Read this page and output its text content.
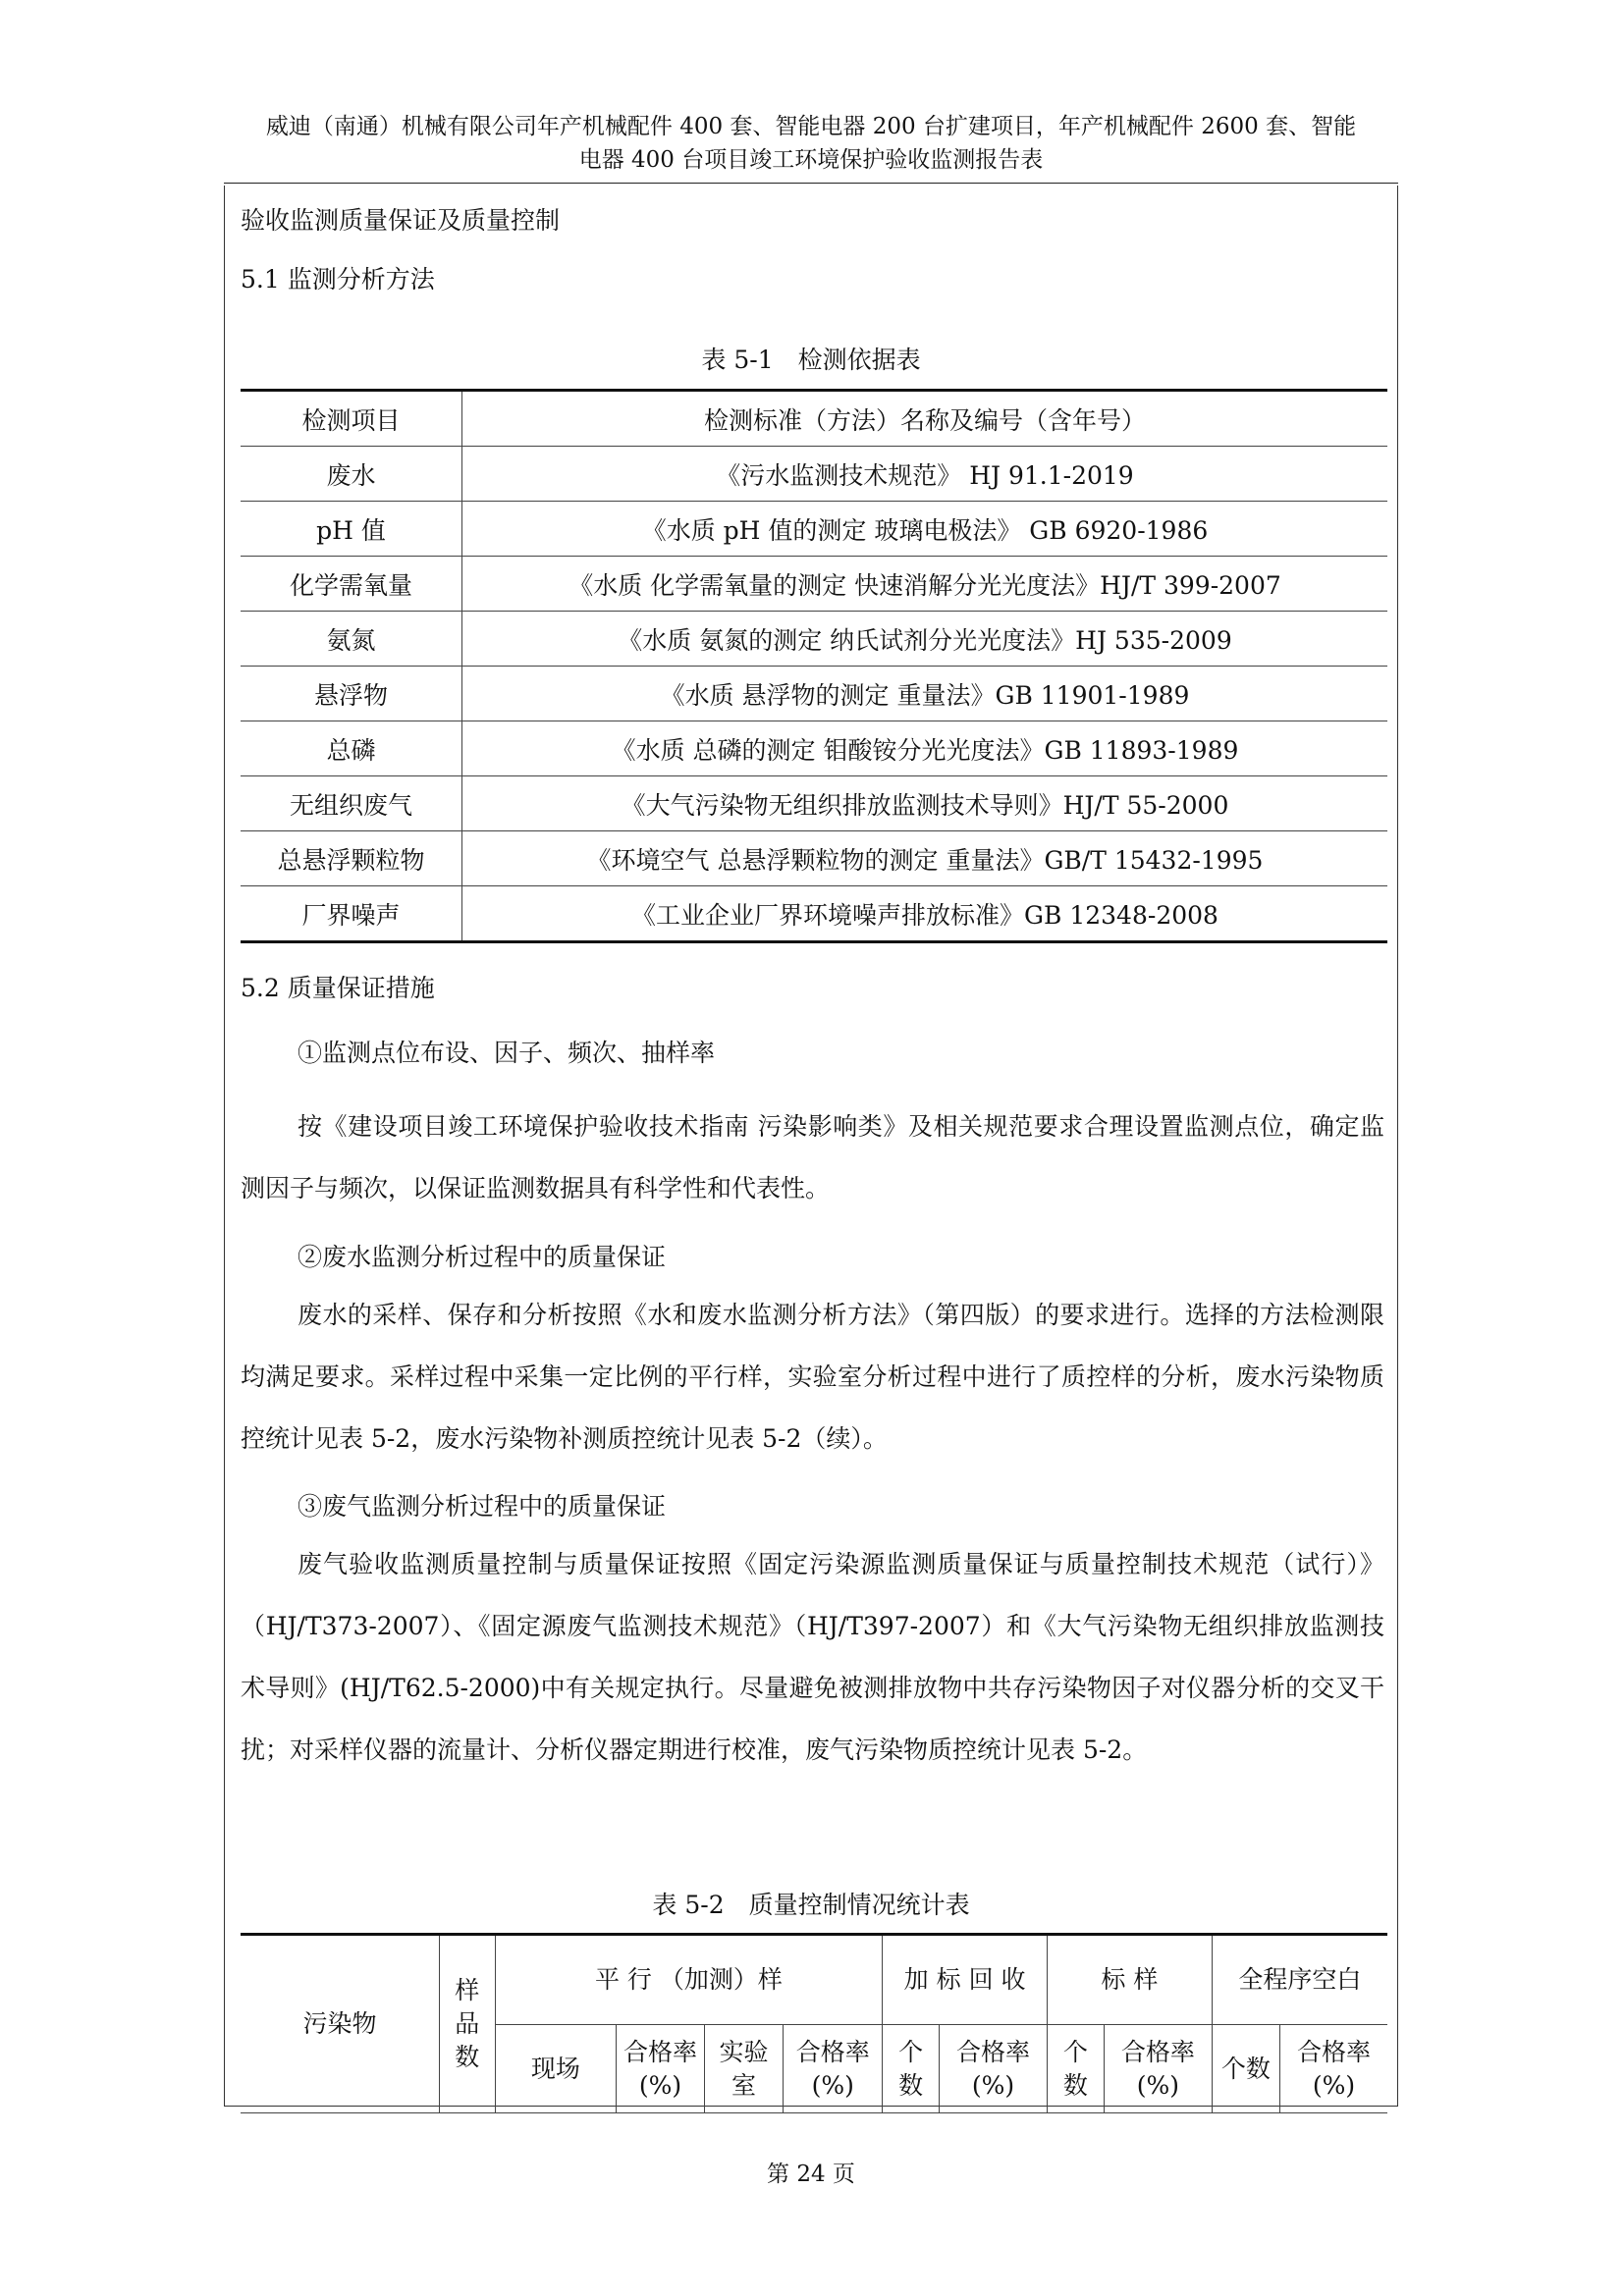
威迪（南通）机械有限公司年产机械配件 400 套、智能电器 200 台扩建项目，年产机械配件 2600 套、智能
电器 400 台项目竣工环境保护验收监测报告表
验收监测质量保证及质量控制
5.1 监测分析方法
表 5-1　检测依据表
检测项目	检测标准（方法）名称及编号（含年号）
废水	《污水监测技术规范》 HJ 91.1-2019
pH 值	《水质 pH 值的测定 玻璃电极法》 GB 6920-1986
化学需氧量	《水质 化学需氧量的测定 快速消解分光光度法》HJ/T 399-2007
氨氮	《水质 氨氮的测定 纳氏试剂分光光度法》HJ 535-2009
悬浮物	《水质 悬浮物的测定 重量法》GB 11901-1989
总磷	《水质 总磷的测定 钼酸铵分光光度法》GB 11893-1989
无组织废气	《大气污染物无组织排放监测技术导则》HJ/T 55-2000
总悬浮颗粒物	《环境空气 总悬浮颗粒物的测定 重量法》GB/T 15432-1995
厂界噪声	《工业企业厂界环境噪声排放标准》GB 12348-2008
5.2 质量保证措施
①监测点位布设、因子、频次、抽样率
按《建设项目竣工环境保护验收技术指南 污染影响类》及相关规范要求合理设置监测点位，确定监测因子与频次，以保证监测数据具有科学性和代表性。
②废水监测分析过程中的质量保证
废水的采样、保存和分析按照《水和废水监测分析方法》（第四版）的要求进行。选择的方法检测限均满足要求。采样过程中采集一定比例的平行样，实验室分析过程中进行了质控样的分析，废水污染物质控统计见表 5-2，废水污染物补测质控统计见表 5-2（续）。
③废气监测分析过程中的质量保证
废气验收监测质量控制与质量保证按照《固定污染源监测质量保证与质量控制技术规范（试行）》（HJ/T373-2007）、《固定源废气监测技术规范》（HJ/T397-2007）和《大气污染物无组织排放监测技术导则》(HJ/T62.5-2000)中有关规定执行。尽量避免被测排放物中共存污染物因子对仪器分析的交叉干扰；对采样仪器的流量计、分析仪器定期进行校准，废气污染物质控统计见表 5-2。
表 5-2　质量控制情况统计表
污染物	样品数	平 行 （加测）样				加 标 回 收		标 样		全程序空白	
		现场	合格率(%)	实验室	合格率(%)	个数	合格率(%)	个数	合格率(%)	个数	合格率(%)
第 24 页
